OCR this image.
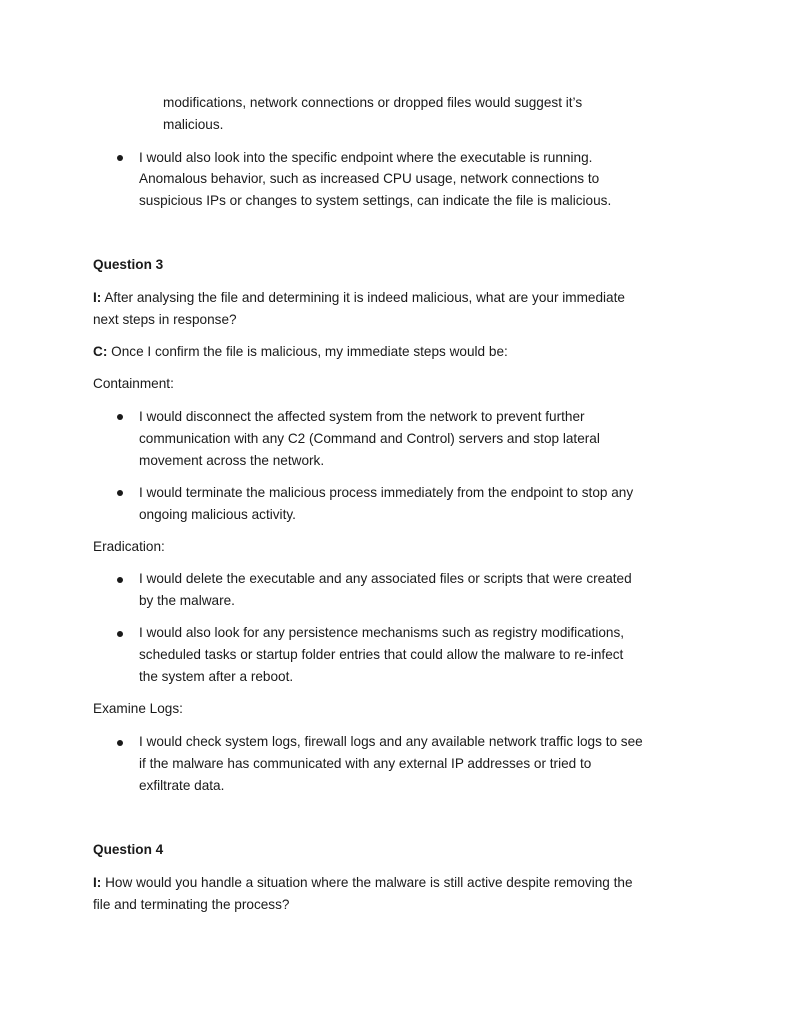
modifications, network connections or dropped files would suggest it’s
malicious.
I would also look into the specific endpoint where the executable is running.
Anomalous behavior, such as increased CPU usage, network connections to
suspicious IPs or changes to system settings, can indicate the file is malicious.
Question 3
I: After analysing the file and determining it is indeed malicious, what are your immediate
next steps in response?
C: Once I confirm the file is malicious, my immediate steps would be:
Containment:
I would disconnect the affected system from the network to prevent further
communication with any C2 (Command and Control) servers and stop lateral
movement across the network.
I would terminate the malicious process immediately from the endpoint to stop any
ongoing malicious activity.
Eradication:
I would delete the executable and any associated files or scripts that were created
by the malware.
I would also look for any persistence mechanisms such as registry modifications,
scheduled tasks or startup folder entries that could allow the malware to re-infect
the system after a reboot.
Examine Logs:
I would check system logs, firewall logs and any available network traffic logs to see
if the malware has communicated with any external IP addresses or tried to
exfiltrate data.
Question 4
I: How would you handle a situation where the malware is still active despite removing the
file and terminating the process?
